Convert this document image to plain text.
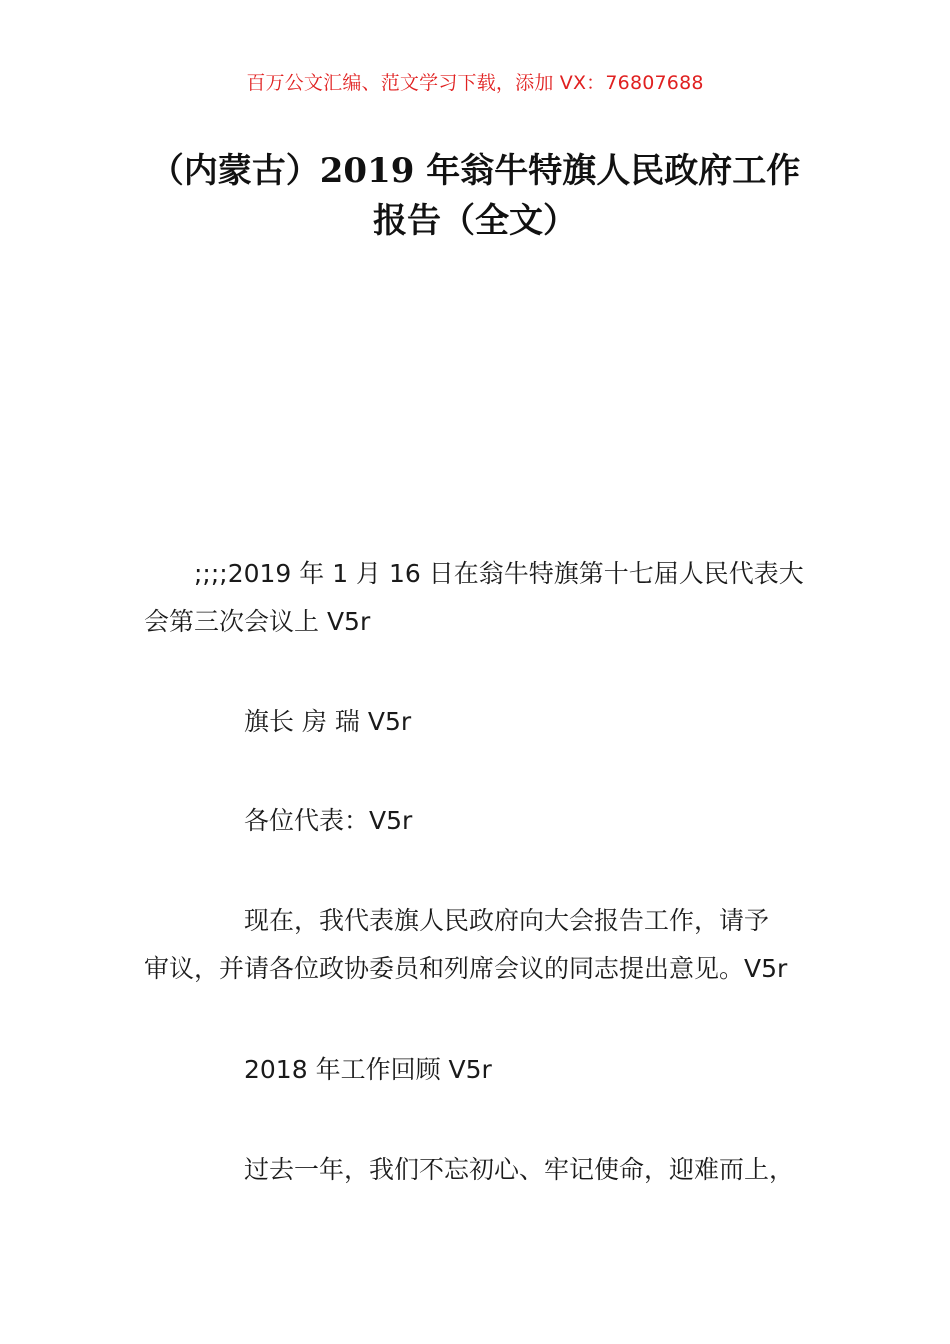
百万公文汇编、范文学习下载，添加 VX：76807688
（内蒙古）2019 年翁牛特旗人民政府工作
报告（全文）

;;;;2019 年 1 月 16 日在翁牛特旗第十七届人民代表大
会第三次会议上 V5r

旗长 房 瑞 V5r

各位代表：V5r

现在，我代表旗人民政府向大会报告工作，请予
审议，并请各位政协委员和列席会议的同志提出意见。V5r

2018 年工作回顾 V5r

过去一年，我们不忘初心、牢记使命，迎难而上，
